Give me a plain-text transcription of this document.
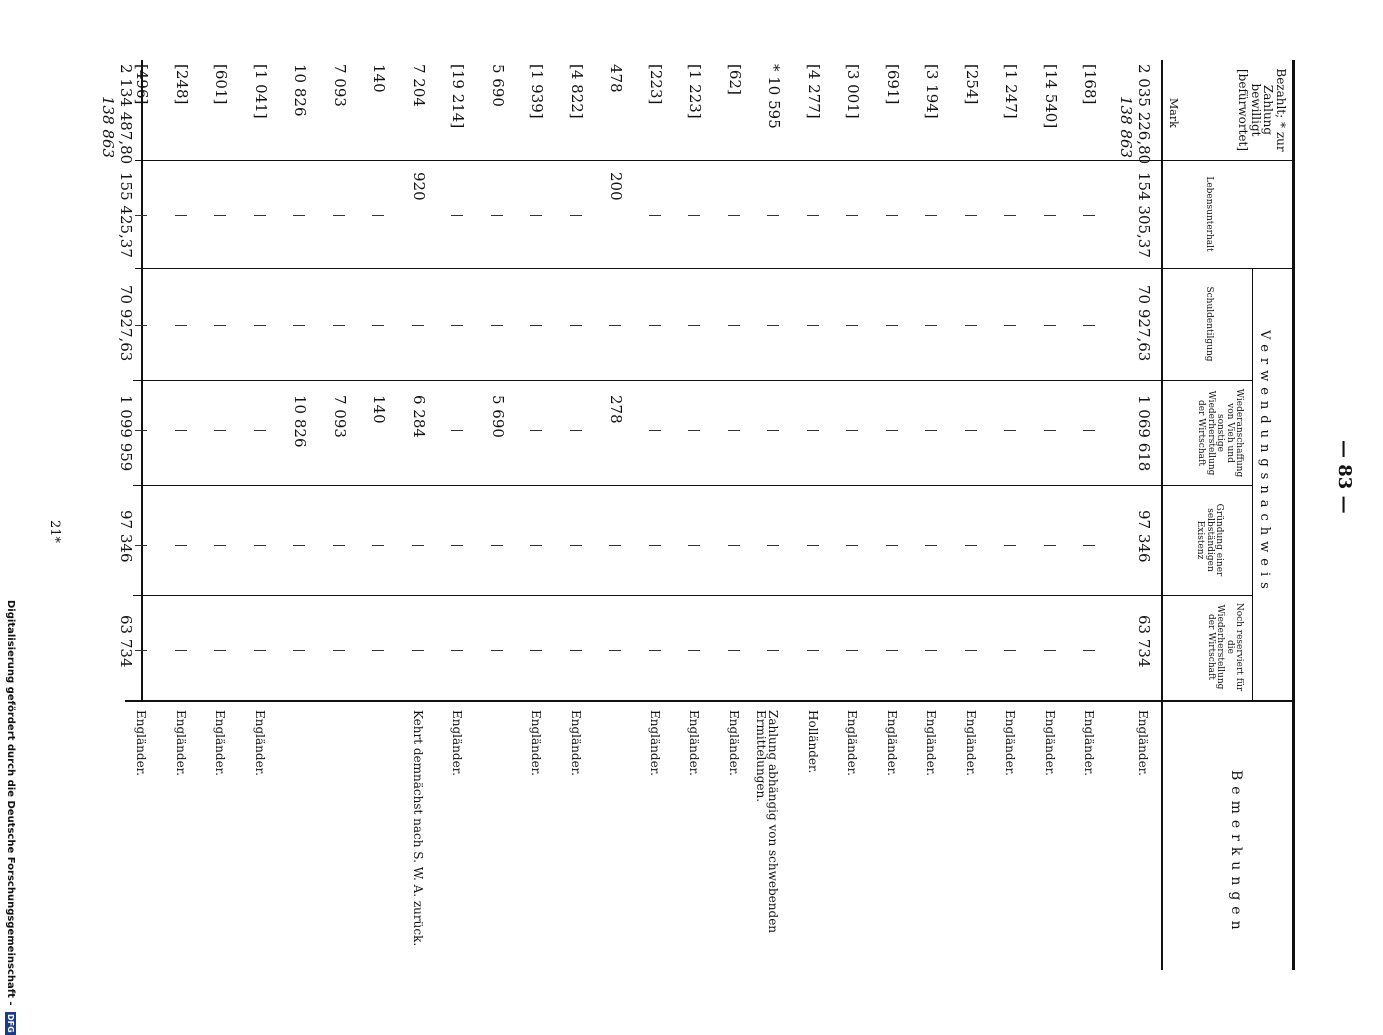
— 83 —
Bezahlt; * zur Zahlung bewilligt [befürwortet]
Mark
Verwendungsnachweis
Lebensunterhalt
Schuldentilgung
Wiederanschaffung von Vieh und sonstige Wiederherstellung der Wirtschaft
Gründung einer selbständigen Existenz
Noch reserviert für die Wiederherstellung der Wirtschaft
Bemerkungen
2 035 226,80
154 305,37
70 927,63
1 069 618
97 346
63 734
138 863
Engländer.
[168]
Engländer.
[14 540]
Engländer.
[1 247]
Engländer.
[254]
Engländer.
[3 194]
Engländer.
[691]
Engländer.
[3 001]
Engländer.
[4 277]
Holländer.
* 10 595
Zahlung abhängig von schwebenden Ermittelungen.
[62]
Engländer.
[1 223]
Engländer.
[223]
Engländer.
478
200
278
[4 822]
Engländer.
[1 939]
Engländer.
5 690
5 690
[19 214]
Engländer.
7 204
920
6 284
Kehrt demnächst nach S. W. A. zurück.
140
140
7 093
7 093
10 826
10 826
[1 041]
Engländer.
[601]
Engländer.
[248]
Engländer.
[496]
Engländer.
2 134 487,80
138 863
155 425,37
70 927,63
1 099 959
97 346
63 734
21*
Digitalisierung gefördert durch die Deutsche Forschungsgemeinschaft - DFG
